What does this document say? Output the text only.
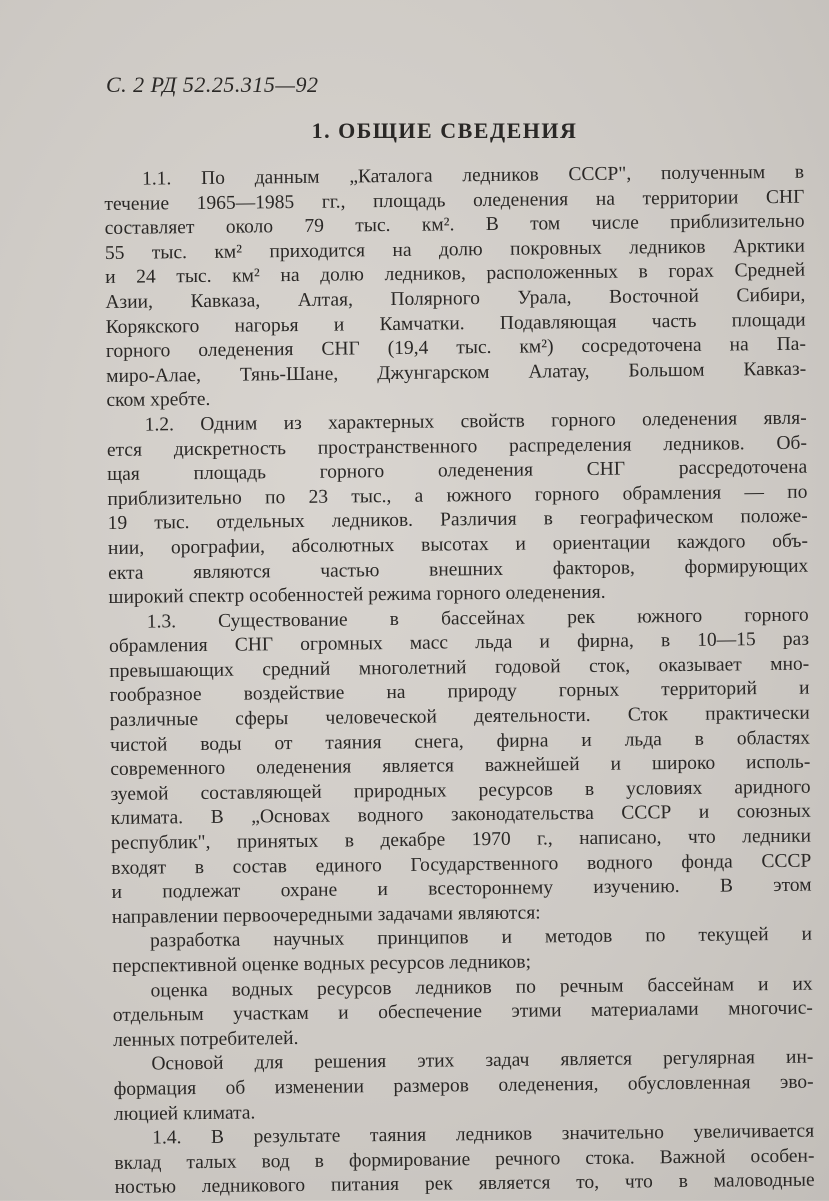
С. 2 РД 52.25.315—92
1. ОБЩИЕ СВЕДЕНИЯ
1.1. По данным „Каталога ледников СССР", полученным в
течение 1965—1985 гг., площадь оледенения на территории СНГ
составляет около 79 тыс. км². В том числе приблизительно
55 тыс. км² приходится на долю покровных ледников Арктики
и 24 тыс. км² на долю ледников, расположенных в горах Средней
Азии, Кавказа, Алтая, Полярного Урала, Восточной Сибири,
Корякского нагорья и Камчатки. Подавляющая часть площади
горного оледенения СНГ (19,4 тыс. км²) сосредоточена на Па-
миро-Алае, Тянь-Шане, Джунгарском Алатау, Большом Кавказ-
ском хребте.
1.2. Одним из характерных свойств горного оледенения явля-
ется дискретность пространственного распределения ледников. Об-
щая площадь горного оледенения СНГ рассредоточена
приблизительно по 23 тыс., а южного горного обрамления — по
19 тыс. отдельных ледников. Различия в географическом положе-
нии, орографии, абсолютных высотах и ориентации каждого объ-
екта являются частью внешних факторов, формирующих
широкий спектр особенностей режима горного оледенения.
1.3. Существование в бассейнах рек южного горного
обрамления СНГ огромных масс льда и фирна, в 10—15 раз
превышающих средний многолетний годовой сток, оказывает мно-
гообразное воздействие на природу горных территорий и
различные сферы человеческой деятельности. Сток практически
чистой воды от таяния снега, фирна и льда в областях
современного оледенения является важнейшей и широко исполь-
зуемой составляющей природных ресурсов в условиях аридного
климата. В „Основах водного законодательства СССР и союзных
республик", принятых в декабре 1970 г., написано, что ледники
входят в состав единого Государственного водного фонда СССР
и подлежат охране и всестороннему изучению. В этом
направлении первоочередными задачами являются:
разработка научных принципов и методов по текущей и
перспективной оценке водных ресурсов ледников;
оценка водных ресурсов ледников по речным бассейнам и их
отдельным участкам и обеспечение этими материалами многочис-
ленных потребителей.
Основой для решения этих задач является регулярная ин-
формация об изменении размеров оледенения, обусловленная эво-
люцией климата.
1.4. В результате таяния ледников значительно увеличивается
вклад талых вод в формирование речного стока. Важной особен-
ностью ледникового питания рек является то, что в маловодные
